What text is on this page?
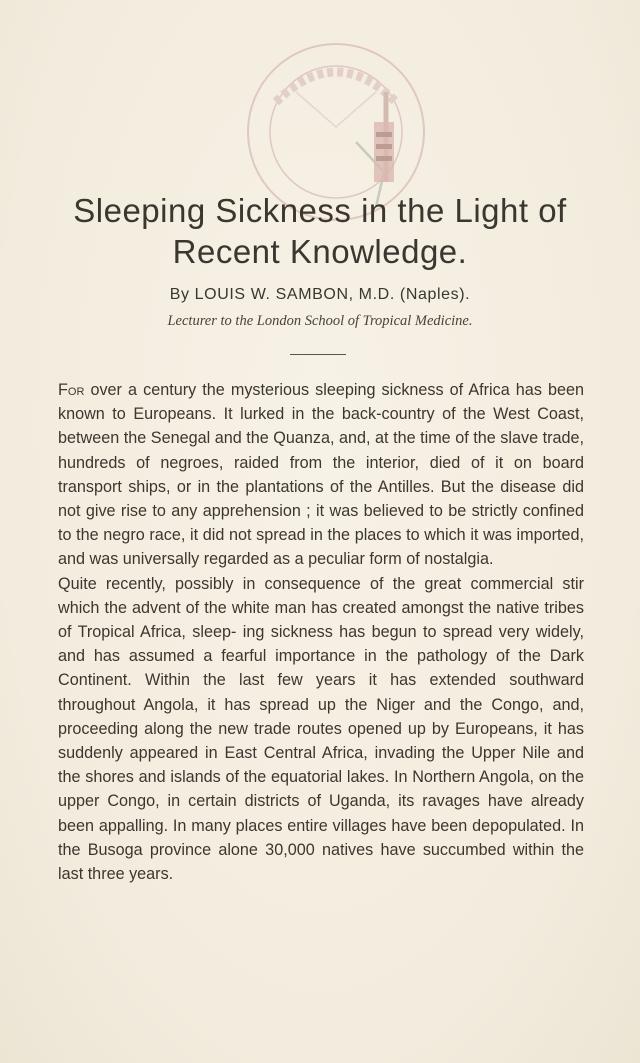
Sleeping Sickness in the Light of
Recent Knowledge.
By LOUIS W. SAMBON, M.D. (Naples).
Lecturer to the London School of Tropical Medicine.

For over a century the mysterious sleeping sickness of Africa has been known to Europeans. It lurked in the back-country of the West Coast, between the Senegal and the Quanza, and, at the time of the slave trade, hundreds of negroes, raided from the interior, died of it on board transport ships, or in the plantations of the Antilles. But the disease did not give rise to any apprehension ; it was believed to be strictly confined to the negro race, it did not spread in the places to which it was imported, and was universally regarded as a peculiar form of nostalgia.

Quite recently, possibly in consequence of the great commercial stir which the advent of the white man has created amongst the native tribes of Tropical Africa, sleep- ing sickness has begun to spread very widely, and has assumed a fearful importance in the pathology of the Dark Continent. Within the last few years it has extended southward throughout Angola, it has spread up the Niger and the Congo, and, proceeding along the new trade routes opened up by Europeans, it has suddenly appeared in East Central Africa, invading the Upper Nile and the shores and islands of the equatorial lakes. In Northern Angola, on the upper Congo, in certain districts of Uganda, its ravages have already been appalling. In many places entire villages have been depopulated. In the Busoga province alone 30,000 natives have succumbed within the last three years.
